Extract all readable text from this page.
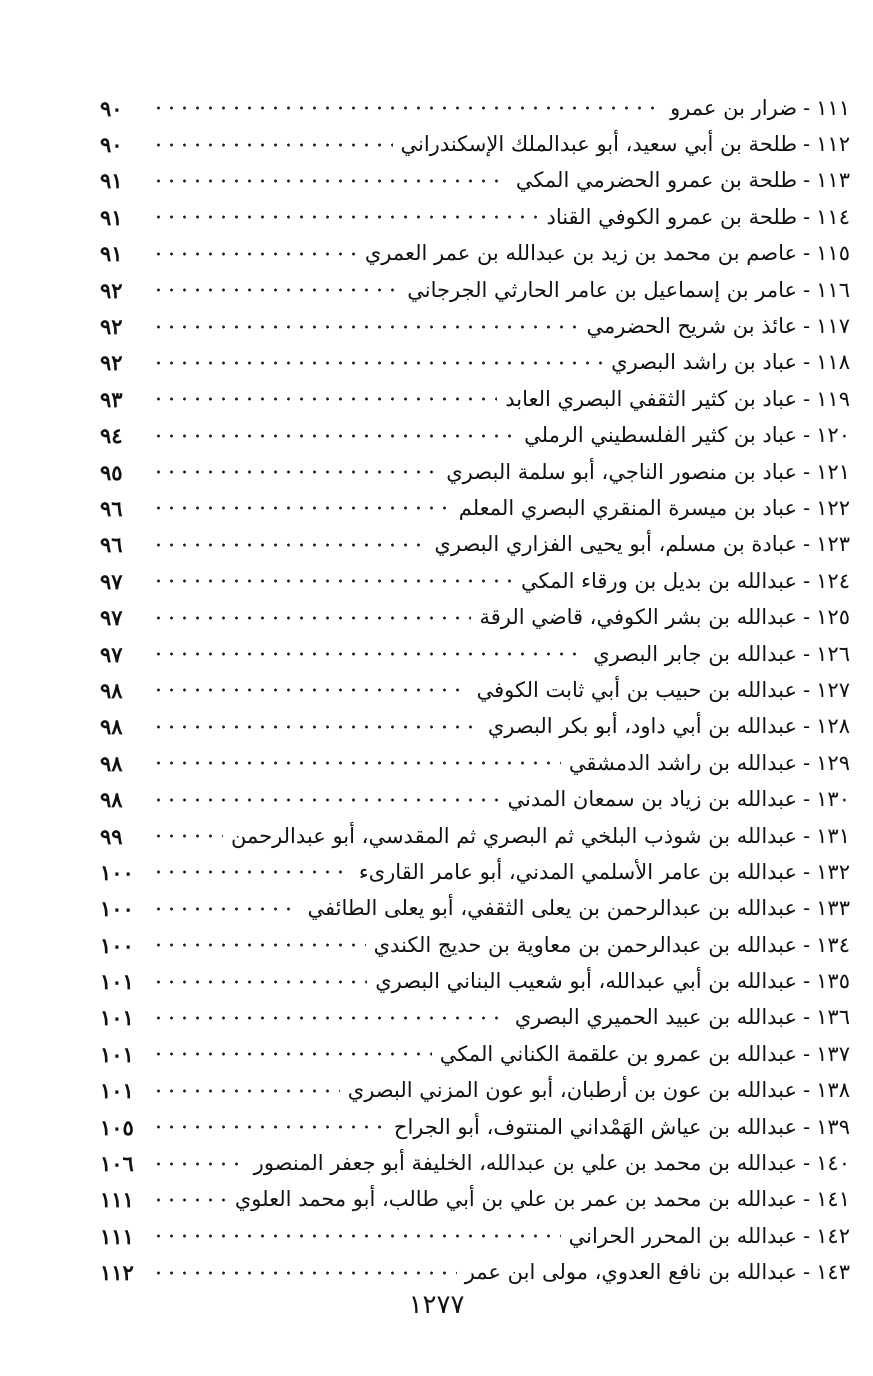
١١١
-
ضرار بن عمرو
٩٠
١١٢
-
طلحة بن أبي سعيد، أبو عبدالملك الإسكندراني
٩٠
١١٣
-
طلحة بن عمرو الحضرمي المكي
٩١
١١٤
-
طلحة بن عمرو الكوفي القناد
٩١
١١٥
-
عاصم بن محمد بن زيد بن عبدالله بن عمر العمري
٩١
١١٦
-
عامر بن إسماعيل بن عامر الحارثي الجرجاني
٩٢
١١٧
-
عائذ بن شريح الحضرمي
٩٢
١١٨
-
عباد بن راشد البصري
٩٢
١١٩
-
عباد بن كثير الثقفي البصري العابد
٩٣
١٢٠
-
عباد بن كثير الفلسطيني الرملي
٩٤
١٢١
-
عباد بن منصور الناجي، أبو سلمة البصري
٩٥
١٢٢
-
عباد بن ميسرة المنقري البصري المعلم
٩٦
١٢٣
-
عبادة بن مسلم، أبو يحيى الفزاري البصري
٩٦
١٢٤
-
عبدالله بن بديل بن ورقاء المكي
٩٧
١٢٥
-
عبدالله بن بشر الكوفي، قاضي الرقة
٩٧
١٢٦
-
عبدالله بن جابر البصري
٩٧
١٢٧
-
عبدالله بن حبيب بن أبي ثابت الكوفي
٩٨
١٢٨
-
عبدالله بن أبي داود، أبو بكر البصري
٩٨
١٢٩
-
عبدالله بن راشد الدمشقي
٩٨
١٣٠
-
عبدالله بن زياد بن سمعان المدني
٩٨
١٣١
-
عبدالله بن شوذب البلخي ثم البصري ثم المقدسي، أبو عبدالرحمن
٩٩
١٣٢
-
عبدالله بن عامر الأسلمي المدني، أبو عامر القارىء
١٠٠
١٣٣
-
عبدالله بن عبدالرحمن بن يعلى الثقفي، أبو يعلى الطائفي
١٠٠
١٣٤
-
عبدالله بن عبدالرحمن بن معاوية بن حديج الكندي
١٠٠
١٣٥
-
عبدالله بن أبي عبدالله، أبو شعيب البناني البصري
١٠١
١٣٦
-
عبدالله بن عبيد الحميري البصري
١٠١
١٣٧
-
عبدالله بن عمرو بن علقمة الكناني المكي
١٠١
١٣٨
-
عبدالله بن عون بن أرطبان، أبو عون المزني البصري
١٠١
١٣٩
-
عبدالله بن عياش الهَمْداني المنتوف، أبو الجراح
١٠٥
١٤٠
-
عبدالله بن محمد بن علي بن عبدالله، الخليفة أبو جعفر المنصور
١٠٦
١٤١
-
عبدالله بن محمد بن عمر بن علي بن أبي طالب، أبو محمد العلوي
١١١
١٤٢
-
عبدالله بن المحرر الحراني
١١١
١٤٣
-
عبدالله بن نافع العدوي، مولى ابن عمر
١١٢
١٢٧٧
